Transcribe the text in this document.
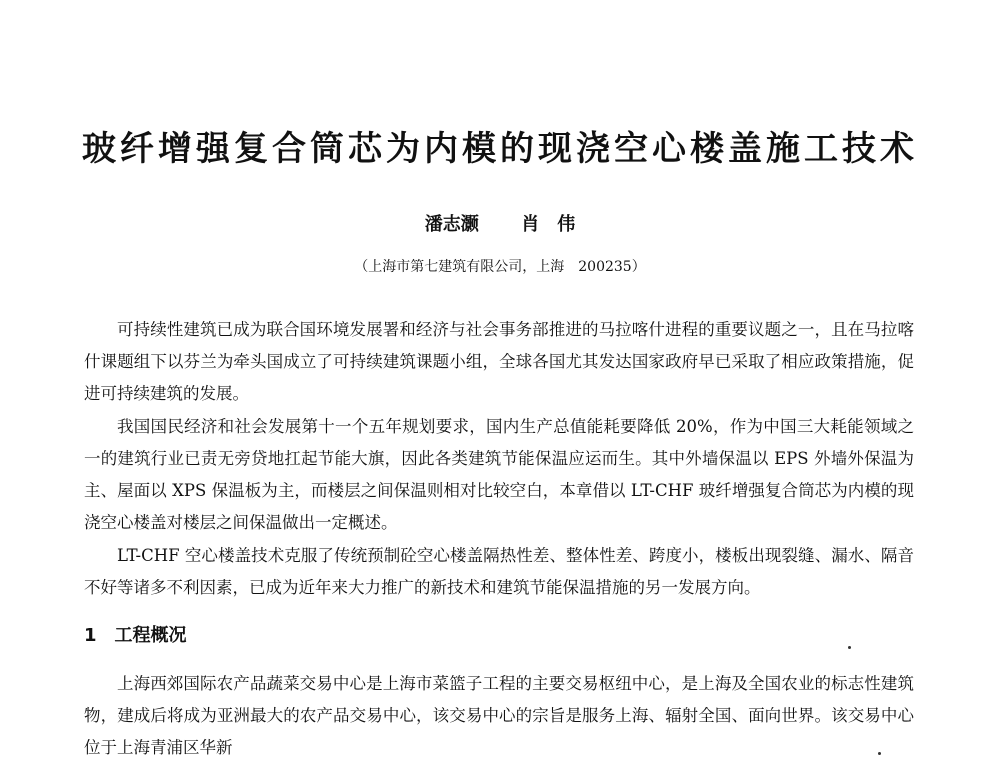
玻纤增强复合筒芯为内模的现浇空心楼盖施工技术
潘志灏 肖　伟
（上海市第七建筑有限公司，上海　200235）

可持续性建筑已成为联合国环境发展署和经济与社会事务部推进的马拉喀什进程的重要议题之一，且在马拉喀什课题组下以芬兰为牵头国成立了可持续建筑课题小组，全球各国尤其发达国家政府早已采取了相应政策措施，促进可持续建筑的发展。

我国国民经济和社会发展第十一个五年规划要求，国内生产总值能耗要降低 20%，作为中国三大耗能领域之一的建筑行业已责无旁贷地扛起节能大旗，因此各类建筑节能保温应运而生。其中外墙保温以 EPS 外墙外保温为主、屋面以 XPS 保温板为主，而楼层之间保温则相对比较空白，本章借以 LT-CHF 玻纤增强复合筒芯为内模的现浇空心楼盖对楼层之间保温做出一定概述。

LT-CHF 空心楼盖技术克服了传统预制砼空心楼盖隔热性差、整体性差、跨度小，楼板出现裂缝、漏水、隔音不好等诸多不利因素，已成为近年来大力推广的新技术和建筑节能保温措施的另一发展方向。

1　工程概况

上海西郊国际农产品蔬菜交易中心是上海市菜篮子工程的主要交易枢纽中心，是上海及全国农业的标志性建筑物，建成后将成为亚洲最大的农产品交易中心，该交易中心的宗旨是服务上海、辐射全国、面向世界。该交易中心位于上海青浦区华新
